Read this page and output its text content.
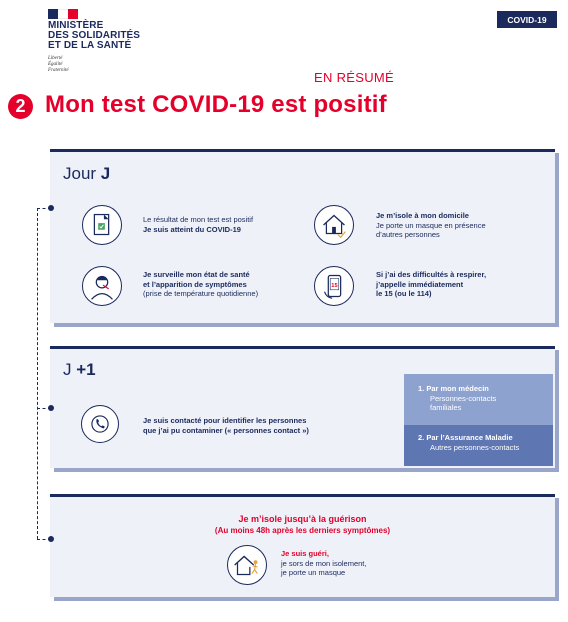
MINISTÈRE
DES SOLIDARITÉS
ET DE LA SANTÉ
Liberté
Égalité
Fraternité
COVID-19
EN RÉSUMÉ
2 Mon test COVID-19 est positif
Jour J
Le résultat de mon test est positif
Je suis atteint du COVID-19
Je m’isole à mon domicile
Je porte un masque en présence
d’autres personnes
Je surveille mon état de santé
et l’apparition de symptômes
(prise de température quotidienne)
15
Si j’ai des difficultés à respirer,
j’appelle immédiatement
le 15 (ou le 114)
J +1
Je suis contacté pour identifier les personnes
que j’ai pu contaminer (« personnes contact »)
1. Par mon médecin
Personnes-contacts
familiales
2. Par l’Assurance Maladie
Autres personnes-contacts
Je m’isole jusqu’à la guérison
(Au moins 48h après les derniers symptômes)
Je suis guéri,
je sors de mon isolement,
je porte un masque
